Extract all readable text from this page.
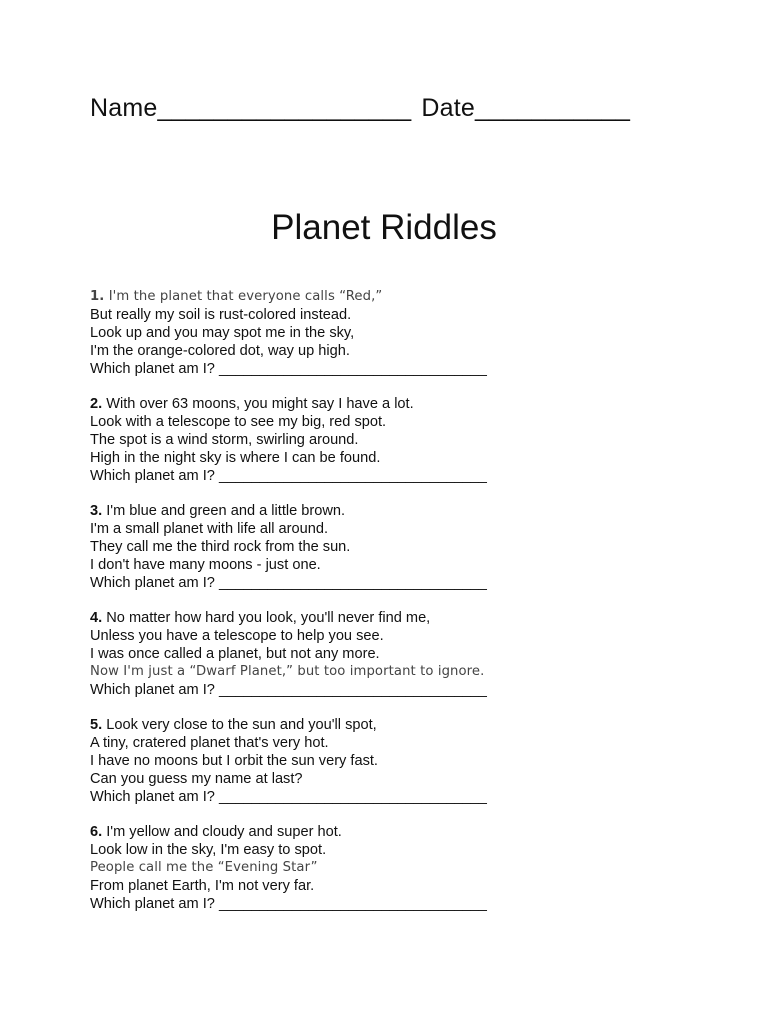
Name__________________ Date___________
Planet Riddles
1. I'm the planet that everyone calls “Red,”
But really my soil is rust-colored instead.
Look up and you may spot me in the sky,
I'm the orange-colored dot, way up high.
Which planet am I? _________________________________
2. With over 63 moons, you might say I have a lot.
Look with a telescope to see my big, red spot.
The spot is a wind storm, swirling around.
High in the night sky is where I can be found.
Which planet am I? _________________________________
3. I'm blue and green and a little brown.
I'm a small planet with life all around.
They call me the third rock from the sun.
I don't have many moons - just one.
Which planet am I? _________________________________
4. No matter how hard you look, you'll never find me,
Unless you have a telescope to help you see.
I was once called a planet, but not any more.
Now I'm just a “Dwarf Planet,” but too important to ignore.
Which planet am I? _________________________________
5. Look very close to the sun and you'll spot,
A tiny, cratered planet that's very hot.
I have no moons but I orbit the sun very fast.
Can you guess my name at last?
Which planet am I? _________________________________
6. I'm yellow and cloudy and super hot.
Look low in the sky, I'm easy to spot.
People call me the “Evening Star”
From planet Earth, I'm not very far.
Which planet am I? _________________________________
